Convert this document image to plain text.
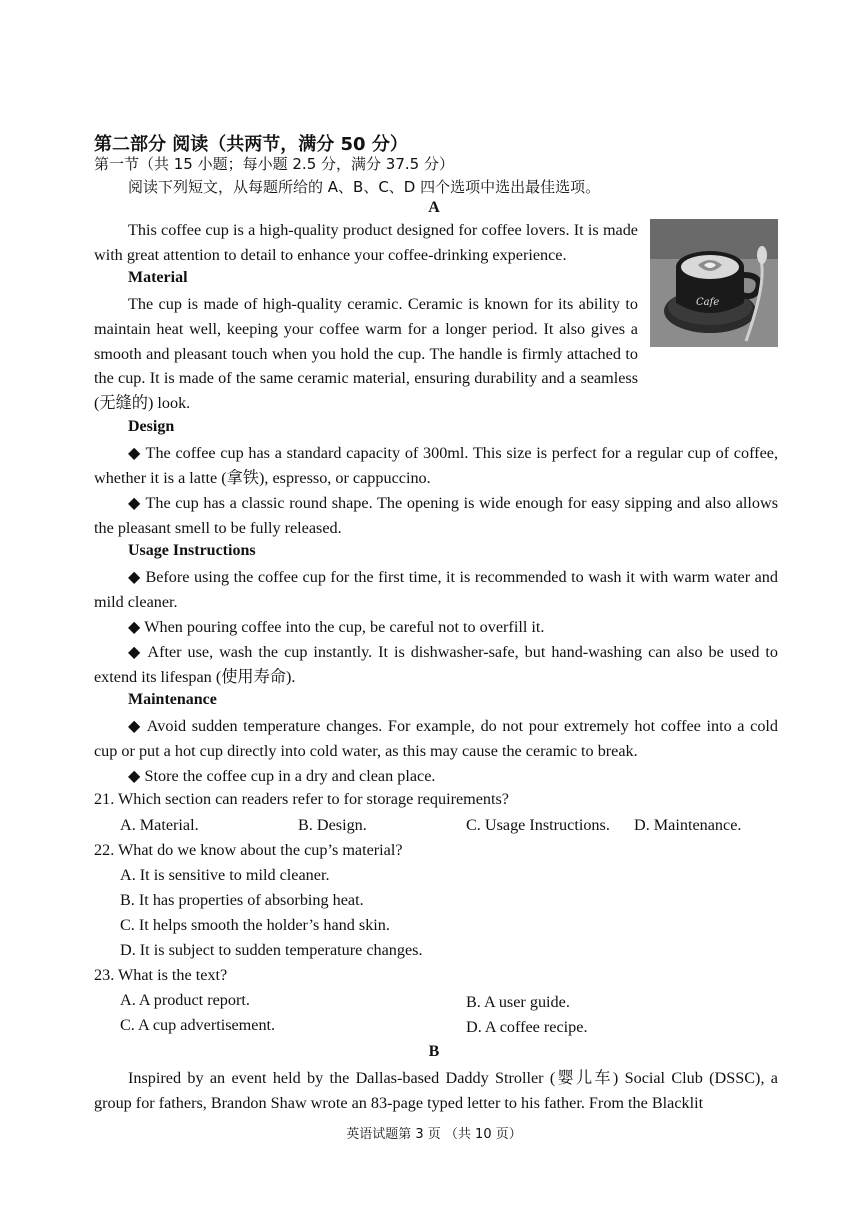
第二部分 阅读（共两节，满分 50 分）

第一节（共 15 小题；每小题 2.5 分，满分 37.5 分）

阅读下列短文，从每题所给的 A、B、C、D 四个选项中选出最佳选项。

A

Cafe

This coffee cup is a high-quality product designed for coffee lovers. It is made with great attention to detail to enhance your coffee-drinking experience.

Material

The cup is made of high-quality ceramic. Ceramic is known for its ability to maintain heat well, keeping your coffee warm for a longer period. It also gives a smooth and pleasant touch when you hold the cup. The handle is firmly attached to the cup. It is made of the same ceramic material, ensuring durability and a seamless (无缝的) look.

Design

◆ The coffee cup has a standard capacity of 300ml. This size is perfect for a regular cup of coffee, whether it is a latte (拿铁), espresso, or cappuccino.

◆ The cup has a classic round shape. The opening is wide enough for easy sipping and also allows the pleasant smell to be fully released.

Usage Instructions

◆ Before using the coffee cup for the first time, it is recommended to wash it with warm water and mild cleaner.

◆ When pouring coffee into the cup, be careful not to overfill it.

◆ After use, wash the cup instantly. It is dishwasher-safe, but hand-washing can also be used to extend its lifespan (使用寿命).

Maintenance

◆ Avoid sudden temperature changes. For example, do not pour extremely hot coffee into a cold cup or put a hot cup directly into cold water, as this may cause the ceramic to break.

◆ Store the coffee cup in a dry and clean place.

21. Which section can readers refer to for storage requirements?

A. Material.	B. Design.	C. Usage Instructions. D. Maintenance.

22. What do we know about the cup’s material?

A. It is sensitive to mild cleaner.

B. It has properties of absorbing heat.

C. It helps smooth the holder’s hand skin.

D. It is subject to sudden temperature changes.

23. What is the text?

A. A product report.	B. A user guide.

C. A cup advertisement.	D. A coffee recipe.

B

Inspired by an event held by the Dallas-based Daddy Stroller (婴儿车) Social Club (DSSC), a group for fathers, Brandon Shaw wrote an 83-page typed letter to his father. From the Blacklit

英语试题第 3 页 （共 10 页）
